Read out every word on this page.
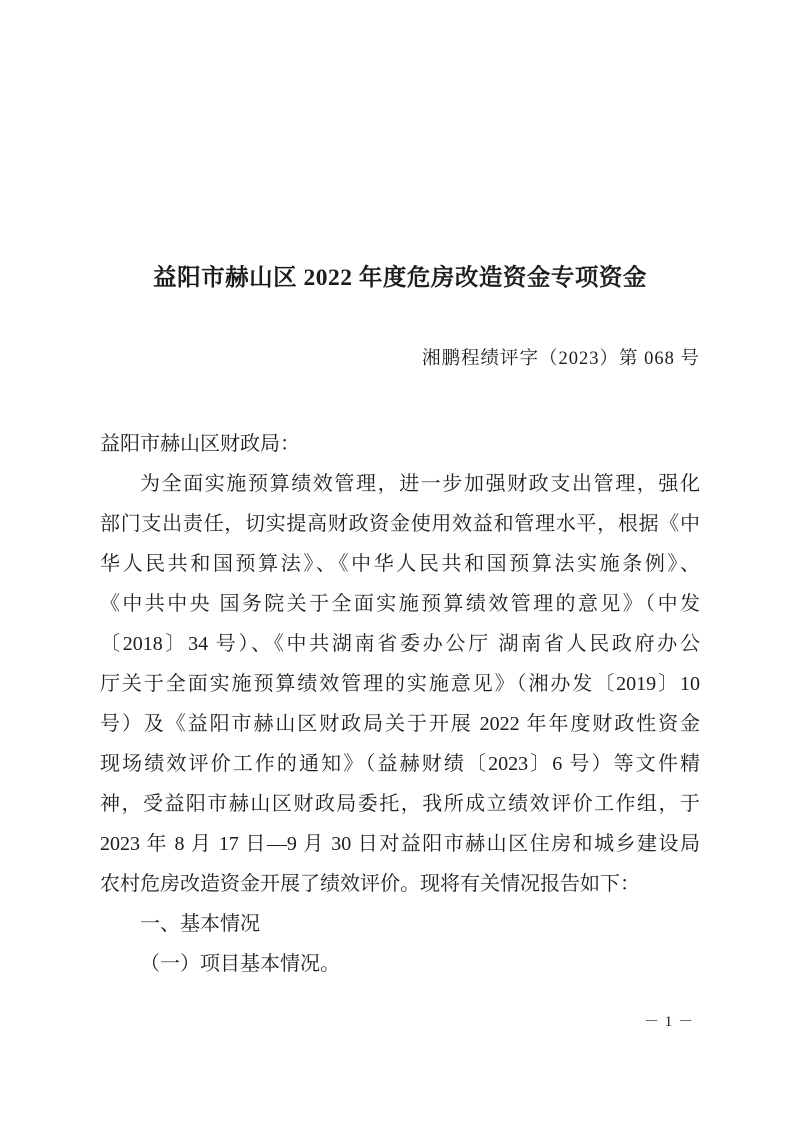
益阳市赫山区 2022 年度危房改造资金专项资金
湘鹏程绩评字（2023）第 068 号
益阳市赫山区财政局：
为全面实施预算绩效管理，进一步加强财政支出管理，强化
部门支出责任，切实提高财政资金使用效益和管理水平，根据《中
华人民共和国预算法》、《中华人民共和国预算法实施条例》、
《中共中央 国务院关于全面实施预算绩效管理的意见》（中发
〔2018〕34 号）、《中共湖南省委办公厅 湖南省人民政府办公
厅关于全面实施预算绩效管理的实施意见》（湘办发〔2019〕10
号）及《益阳市赫山区财政局关于开展 2022 年年度财政性资金
现场绩效评价工作的通知》（益赫财绩〔2023〕6 号）等文件精
神，受益阳市赫山区财政局委托，我所成立绩效评价工作组，于
2023 年 8 月 17 日—9 月 30 日对益阳市赫山区住房和城乡建设局
农村危房改造资金开展了绩效评价。现将有关情况报告如下：
一、基本情况
（一）项目基本情况。
－ 1 －
